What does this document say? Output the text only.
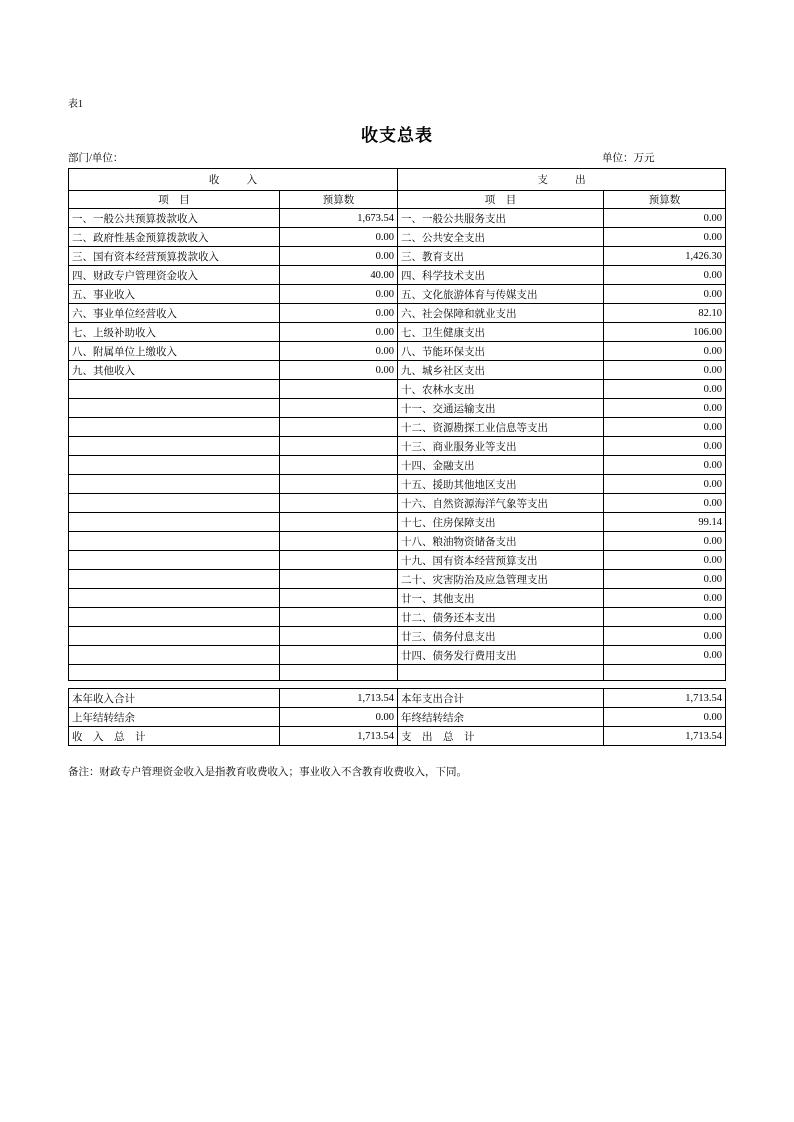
表1
收支总表
部门/单位：	单位：万元
收入		支出	
项目	预算数	项目	预算数
一、一般公共预算拨款收入	1,673.54	一、一般公共服务支出	0.00
二、政府性基金预算拨款收入	0.00	二、公共安全支出	0.00
三、国有资本经营预算拨款收入	0.00	三、教育支出	1,426.30
四、财政专户管理资金收入	40.00	四、科学技术支出	0.00
五、事业收入	0.00	五、文化旅游体育与传媒支出	0.00
六、事业单位经营收入	0.00	六、社会保障和就业支出	82.10
七、上级补助收入	0.00	七、卫生健康支出	106.00
八、附属单位上缴收入	0.00	八、节能环保支出	0.00
九、其他收入	0.00	九、城乡社区支出	0.00
		十、农林水支出	0.00
		十一、交通运输支出	0.00
		十二、资源勘探工业信息等支出	0.00
		十三、商业服务业等支出	0.00
		十四、金融支出	0.00
		十五、援助其他地区支出	0.00
		十六、自然资源海洋气象等支出	0.00
		十七、住房保障支出	99.14
		十八、粮油物资储备支出	0.00
		十九、国有资本经营预算支出	0.00
		二十、灾害防治及应急管理支出	0.00
		廿一、其他支出	0.00
		廿二、债务还本支出	0.00
		廿三、债务付息支出	0.00
		廿四、债务发行费用支出	0.00

本年收入合计	1,713.54	本年支出合计	1,713.54
上年结转结余	0.00	年终结转结余	0.00
收　入　总　计	1,713.54	支　出　总　计	1,713.54
备注：财政专户管理资金收入是指教育收费收入；事业收入不含教育收费收入，下同。
